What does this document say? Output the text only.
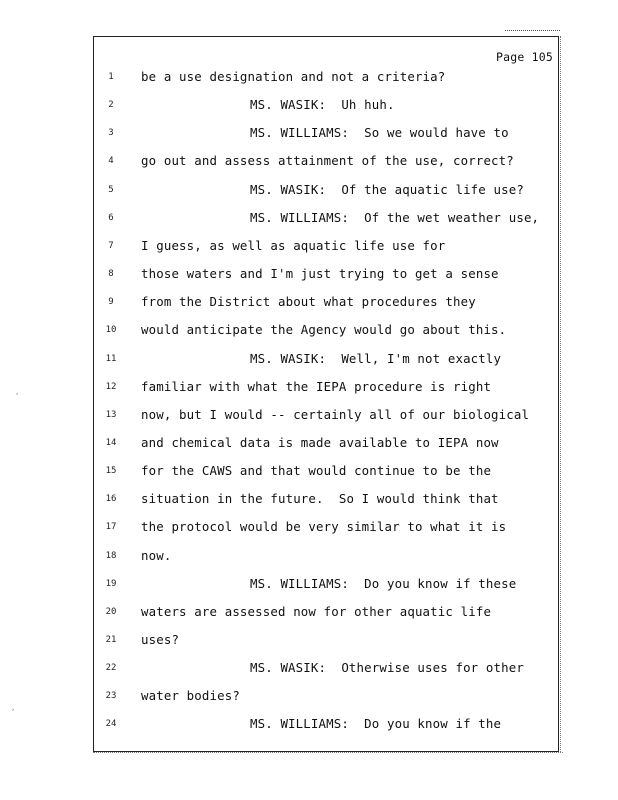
Page 105
1	be a use designation and not a criteria?
2	MS. WASIK:  Uh huh.
3	MS. WILLIAMS:  So we would have to
4	go out and assess attainment of the use, correct?
5	MS. WASIK:  Of the aquatic life use?
6	MS. WILLIAMS:  Of the wet weather use,
7	I guess, as well as aquatic life use for
8	those waters and I'm just trying to get a sense
9	from the District about what procedures they
10	would anticipate the Agency would go about this.
11	MS. WASIK:  Well, I'm not exactly
12	familiar with what the IEPA procedure is right
13	now, but I would -- certainly all of our biological
14	and chemical data is made available to IEPA now
15	for the CAWS and that would continue to be the
16	situation in the future.  So I would think that
17	the protocol would be very similar to what it is
18	now.
19	MS. WILLIAMS:  Do you know if these
20	waters are assessed now for other aquatic life
21	uses?
22	MS. WASIK:  Otherwise uses for other
23	water bodies?
24	MS. WILLIAMS:  Do you know if the
′
′
